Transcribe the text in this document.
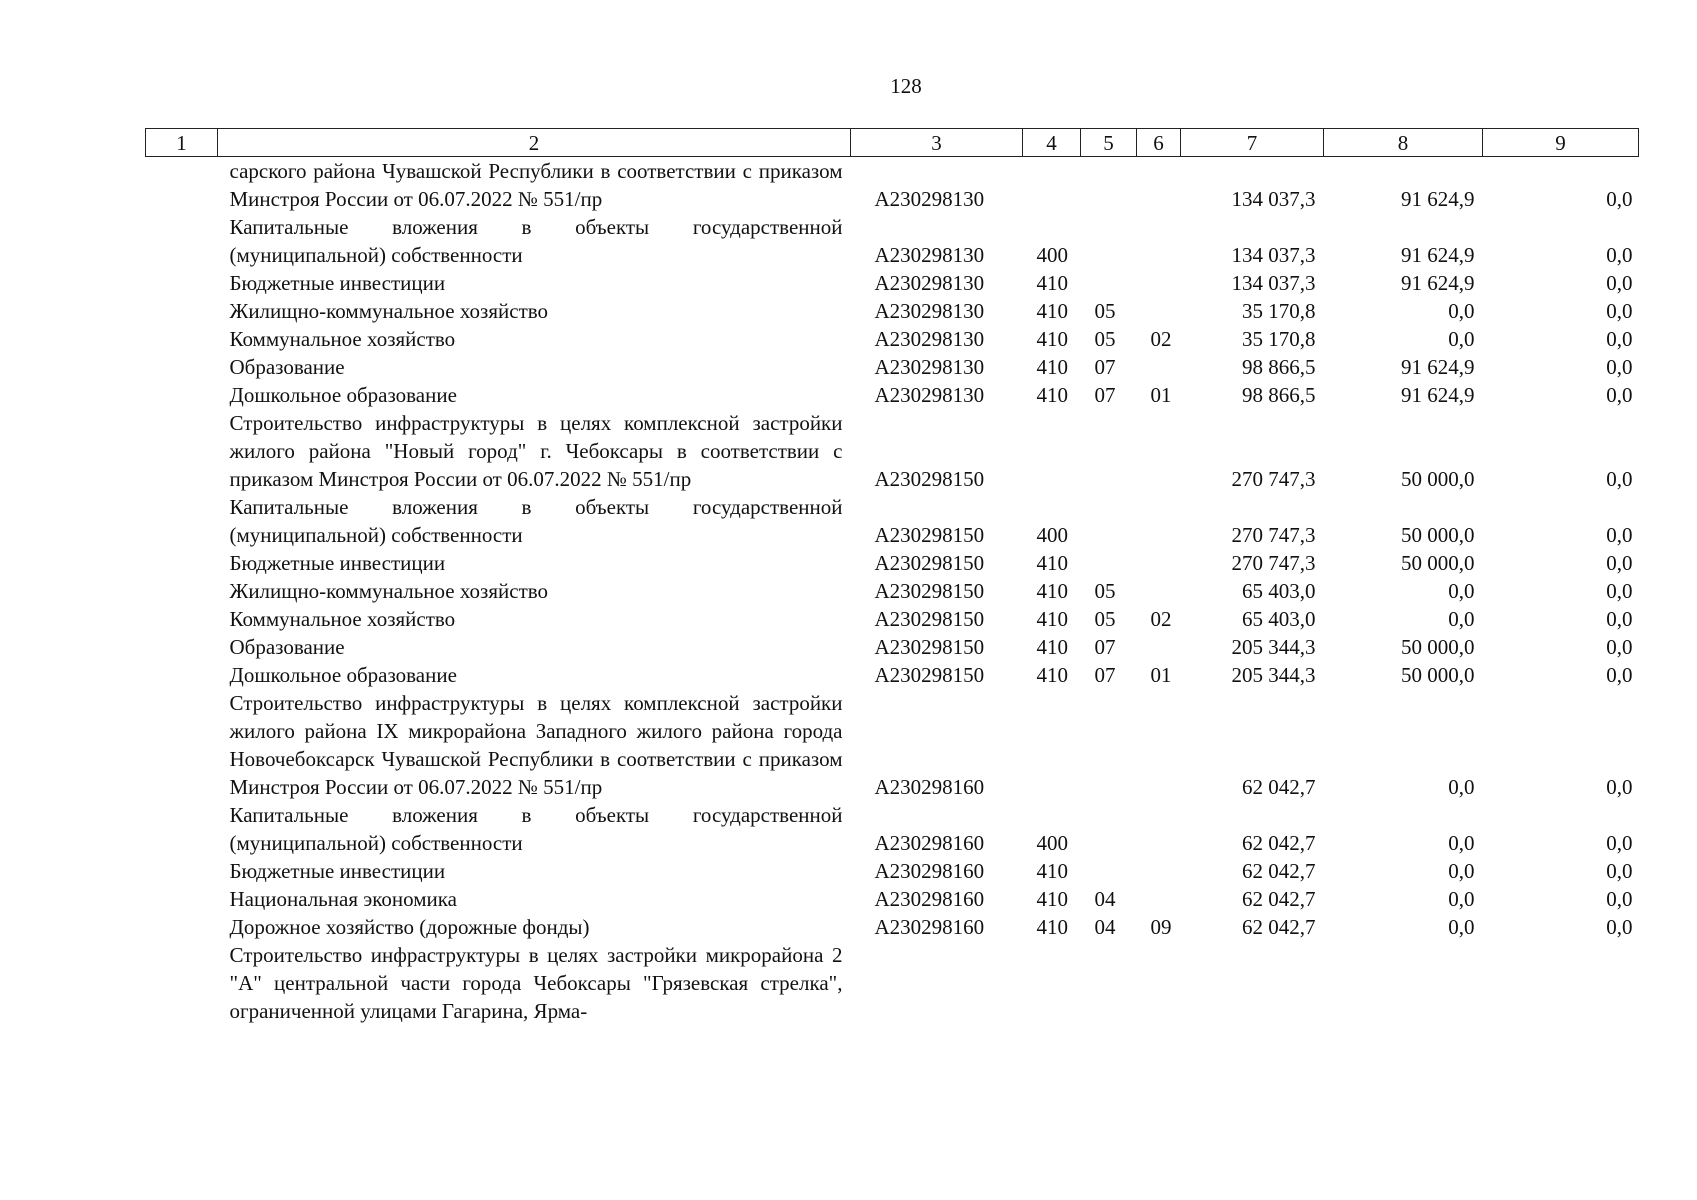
128
1	2	3	4	5	6	7	8	9
	сарского района Чувашской Республики в соответствии с приказом Минстроя России от 06.07.2022 № 551/пр	А230298130				134 037,3	91 624,9	0,0
	Капитальные вложения в объекты государственной (муниципальной) собственности	А230298130	400			134 037,3	91 624,9	0,0
	Бюджетные инвестиции	А230298130	410			134 037,3	91 624,9	0,0
	Жилищно-коммунальное хозяйство	А230298130	410	05		35 170,8	0,0	0,0
	Коммунальное хозяйство	А230298130	410	05	02	35 170,8	0,0	0,0
	Образование	А230298130	410	07		98 866,5	91 624,9	0,0
	Дошкольное образование	А230298130	410	07	01	98 866,5	91 624,9	0,0
	Строительство инфраструктуры в целях комплексной застройки жилого района "Новый город" г. Чебоксары в соответствии с приказом Минстроя России от 06.07.2022 № 551/пр	А230298150				270 747,3	50 000,0	0,0
	Капитальные вложения в объекты государственной (муниципальной) собственности	А230298150	400			270 747,3	50 000,0	0,0
	Бюджетные инвестиции	А230298150	410			270 747,3	50 000,0	0,0
	Жилищно-коммунальное хозяйство	А230298150	410	05		65 403,0	0,0	0,0
	Коммунальное хозяйство	А230298150	410	05	02	65 403,0	0,0	0,0
	Образование	А230298150	410	07		205 344,3	50 000,0	0,0
	Дошкольное образование	А230298150	410	07	01	205 344,3	50 000,0	0,0
	Строительство инфраструктуры в целях комплексной застройки жилого района IX микрорайона Западного жилого района города Новочебоксарск Чувашской Республики в соответствии с приказом Минстроя России от 06.07.2022 № 551/пр	А230298160				62 042,7	0,0	0,0
	Капитальные вложения в объекты государственной (муниципальной) собственности	А230298160	400			62 042,7	0,0	0,0
	Бюджетные инвестиции	А230298160	410			62 042,7	0,0	0,0
	Национальная экономика	А230298160	410	04		62 042,7	0,0	0,0
	Дорожное хозяйство (дорожные фонды)	А230298160	410	04	09	62 042,7	0,0	0,0
	Строительство инфраструктуры в целях застройки микрорайона 2 "А" центральной части города Чебоксары "Грязевская стрелка", ограниченной улицами Гагарина, Ярма-							
